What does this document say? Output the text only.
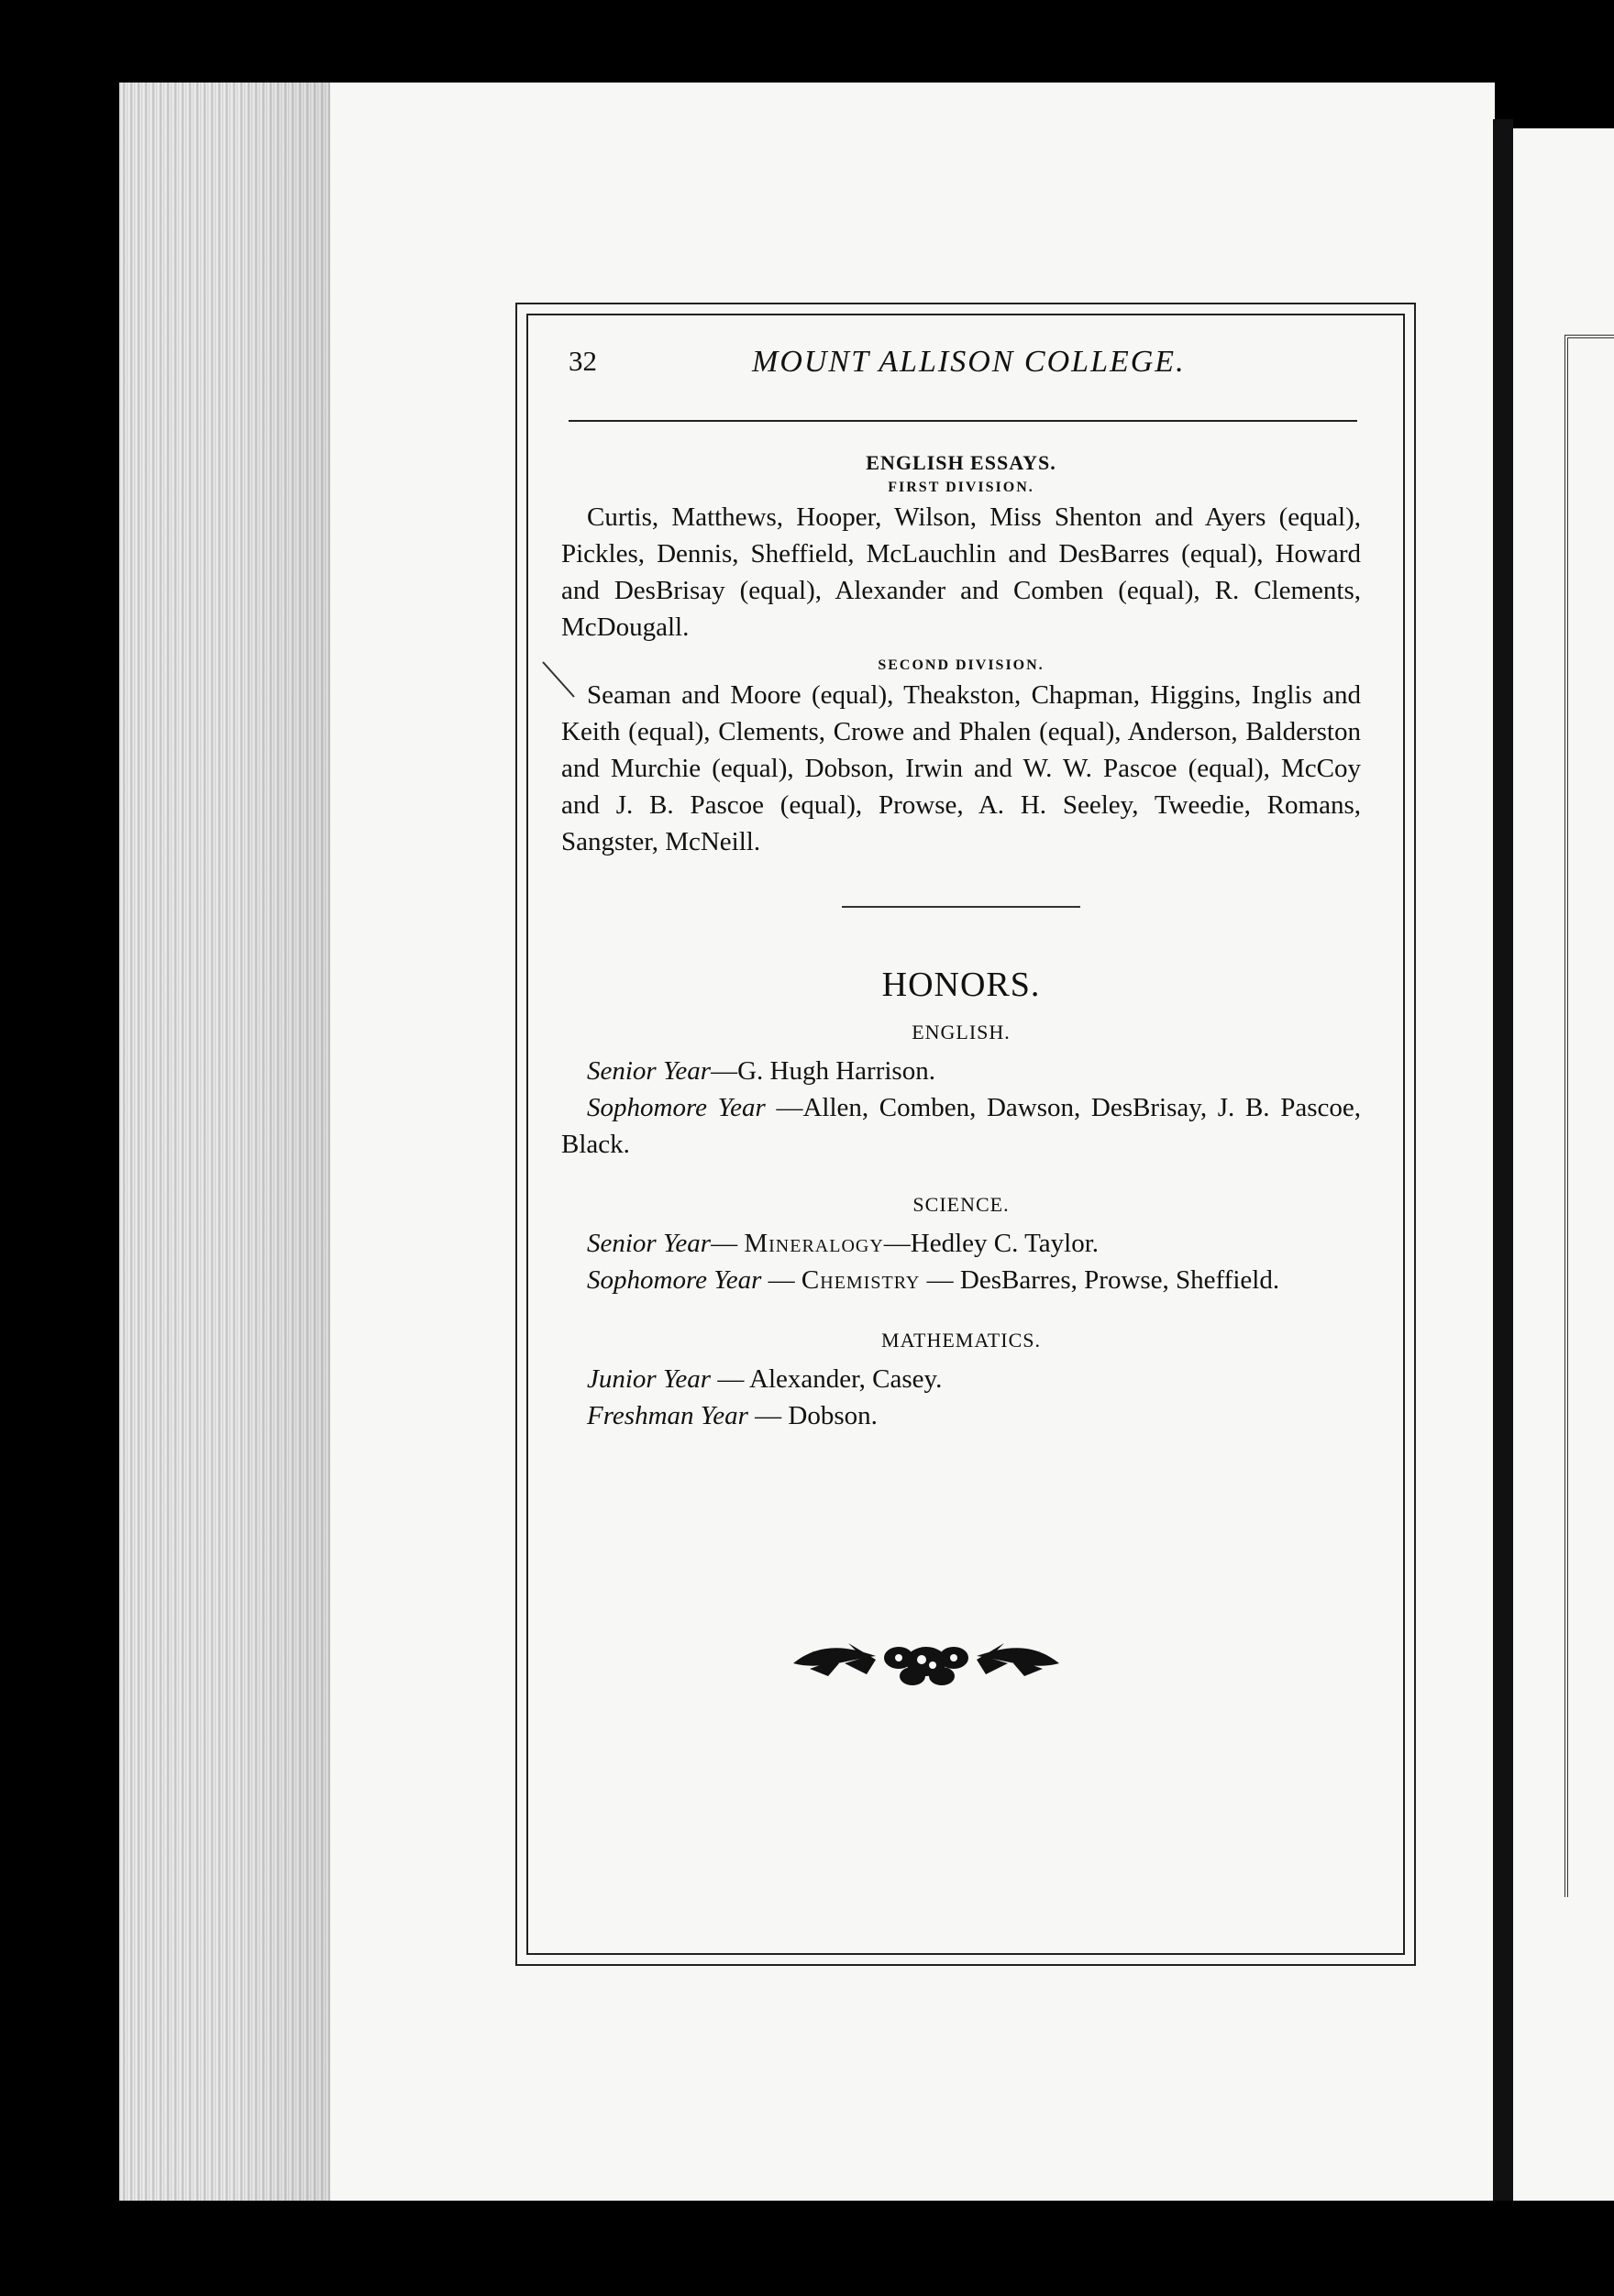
32	MOUNT ALLISON COLLEGE.

ENGLISH ESSAYS.

FIRST DIVISION.

Curtis, Matthews, Hooper, Wilson, Miss Shenton and Ayers (equal), Pickles, Dennis, Sheffield, McLauchlin and DesBarres (equal), Howard and DesBrisay (equal), Alexander and Comben (equal), R. Clements, McDougall.

SECOND DIVISION.

Seaman and Moore (equal), Theakston, Chapman, Higgins, Inglis and Keith (equal), Clements, Crowe and Phalen (equal), Anderson, Balderston and Murchie (equal), Dobson, Irwin and W. W. Pascoe (equal), McCoy and J. B. Pascoe (equal), Prowse, A. H. Seeley, Tweedie, Romans, Sangster, McNeill.

HONORS.

ENGLISH.

Senior Year—G. Hugh Harrison.

Sophomore Year —Allen, Comben, Dawson, DesBrisay, J. B. Pascoe, Black.

SCIENCE.

Senior Year— Mineralogy—Hedley C. Taylor.

Sophomore Year — Chemistry — DesBarres, Prowse, Sheffield.

MATHEMATICS.

Junior Year — Alexander, Casey.

Freshman Year — Dobson.
